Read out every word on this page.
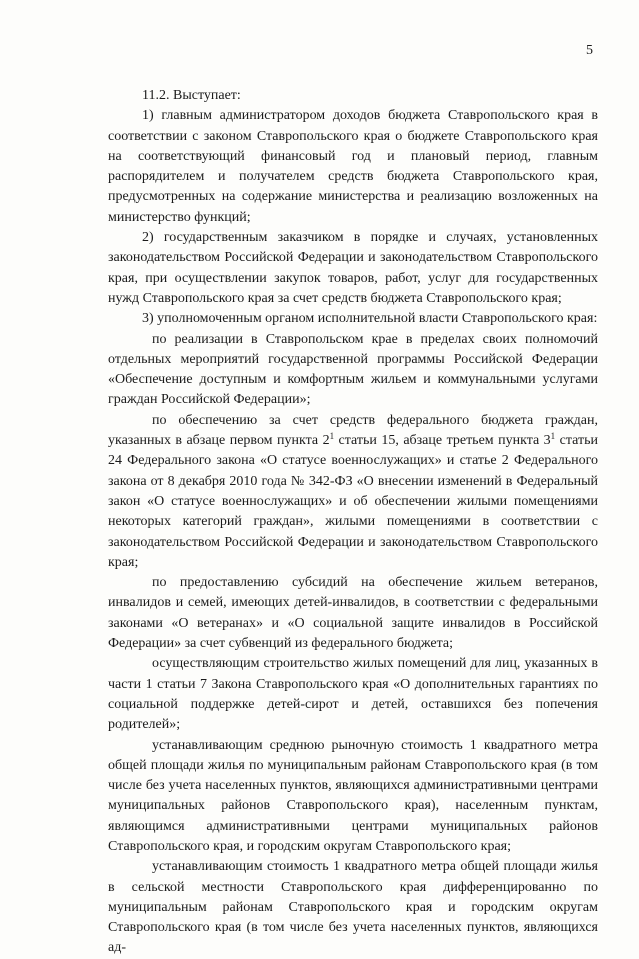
5

11.2. Выступает:

1) главным администратором доходов бюджета Ставропольского края в соответствии с законом Ставропольского края о бюджете Ставропольского края на соответствующий финансовый год и плановый период, главным распорядителем и получателем средств бюджета Ставропольского края, предусмотренных на содержание министерства и реализацию возложенных на министерство функций;

2) государственным заказчиком в порядке и случаях, установленных законодательством Российской Федерации и законодательством Ставропольского края, при осуществлении закупок товаров, работ, услуг для государственных нужд Ставропольского края за счет средств бюджета Ставропольского края;

3) уполномоченным органом исполнительной власти Ставропольского края:

по реализации в Ставропольском крае в пределах своих полномочий отдельных мероприятий государственной программы Российской Федерации «Обеспечение доступным и комфортным жильем и коммунальными услугами граждан Российской Федерации»;

по обеспечению за счет средств федерального бюджета граждан, указанных в абзаце первом пункта $2^1$ статьи 15, абзаце третьем пункта $3^1$ статьи 24 Федерального закона «О статусе военнослужащих» и статье 2 Федерального закона от 8 декабря 2010 года № 342-ФЗ «О внесении изменений в Федеральный закон «О статусе военнослужащих» и об обеспечении жилыми помещениями некоторых категорий граждан», жилыми помещениями в соответствии с законодательством Российской Федерации и законодательством Ставропольского края;

по предоставлению субсидий на обеспечение жильем ветеранов, инвалидов и семей, имеющих детей-инвалидов, в соответствии с федеральными законами «О ветеранах» и «О социальной защите инвалидов в Российской Федерации» за счет субвенций из федерального бюджета;

осуществляющим строительство жилых помещений для лиц, указанных в части 1 статьи 7 Закона Ставропольского края «О дополнительных гарантиях по социальной поддержке детей-сирот и детей, оставшихся без попечения родителей»;

устанавливающим среднюю рыночную стоимость 1 квадратного метра общей площади жилья по муниципальным районам Ставропольского края (в том числе без учета населенных пунктов, являющихся административными центрами муниципальных районов Ставропольского края), населенным пунктам, являющимся административными центрами муниципальных районов Ставропольского края, и городским округам Ставропольского края;

устанавливающим стоимость 1 квадратного метра общей площади жилья в сельской местности Ставропольского края дифференцированно по муниципальным районам Ставропольского края и городским округам Ставропольского края (в том числе без учета населенных пунктов, являющихся ад-
